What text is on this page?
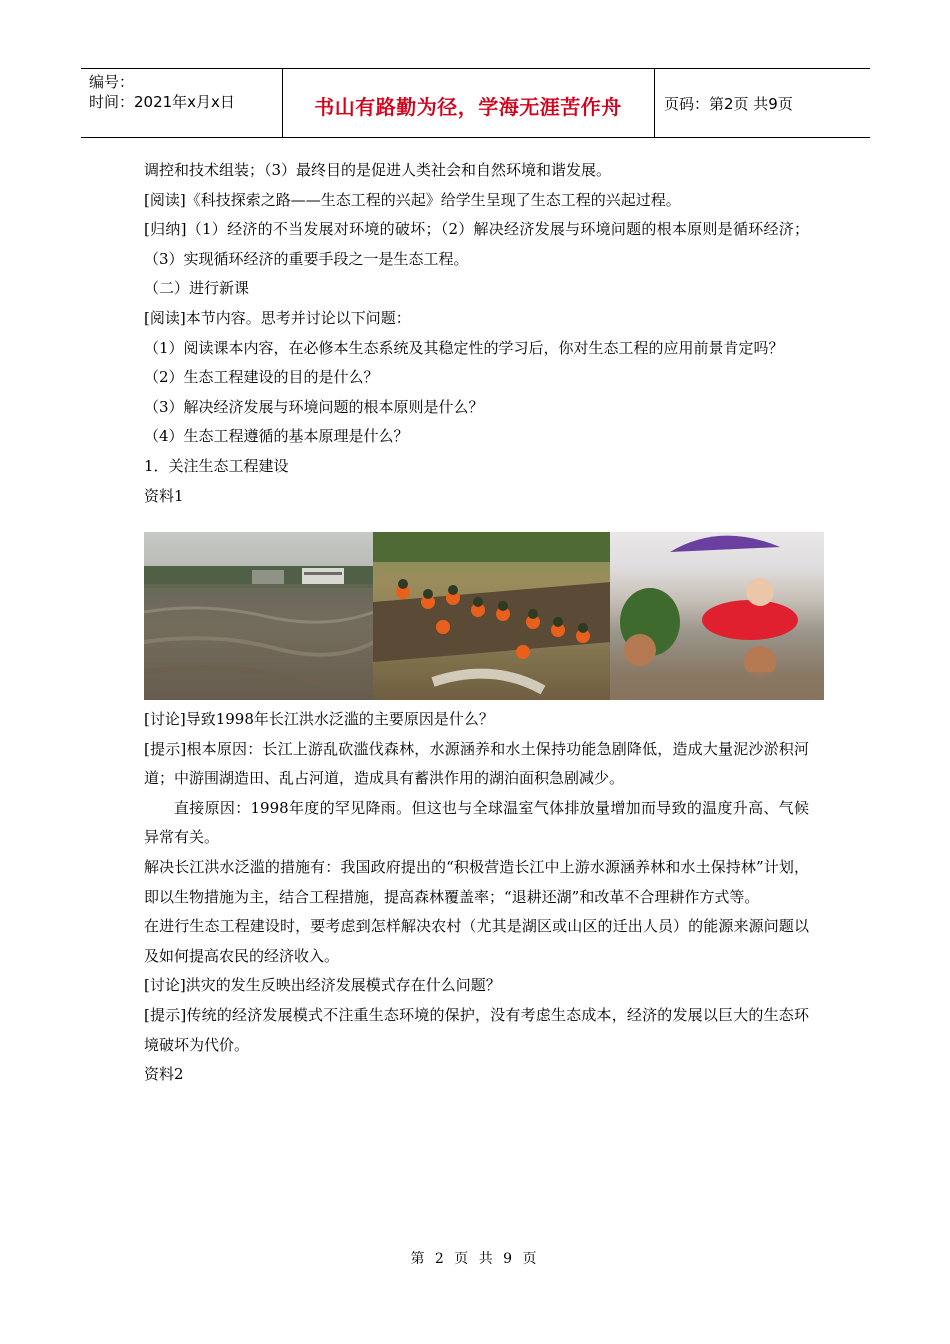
编号：
时间：2021年x月x日	书山有路勤为径，学海无涯苦作舟	页码：第2页 共9页

调控和技术组装；（3）最终目的是促进人类社会和自然环境和谐发展。

[阅读]《科技探索之路——生态工程的兴起》给学生呈现了生态工程的兴起过程。

[归纳]（1）经济的不当发展对环境的破坏；（2）解决经济发展与环境问题的根本原则是循环经济；（3）实现循环经济的重要手段之一是生态工程。

（二）进行新课

[阅读]本节内容。思考并讨论以下问题：

（1）阅读课本内容，在必修本生态系统及其稳定性的学习后，你对生态工程的应用前景肯定吗？

（2）生态工程建设的目的是什么？

（3）解决经济发展与环境问题的根本原则是什么？

（4）生态工程遵循的基本原理是什么？

1．关注生态工程建设

资料1

[讨论]导致1998年长江洪水泛滥的主要原因是什么？

[提示]根本原因：长江上游乱砍滥伐森林，水源涵养和水土保持功能急剧降低，造成大量泥沙淤积河道；中游围湖造田、乱占河道，造成具有蓄洪作用的湖泊面积急剧减少。

直接原因：1998年度的罕见降雨。但这也与全球温室气体排放量增加而导致的温度升高、气候异常有关。

解决长江洪水泛滥的措施有：我国政府提出的“积极营造长江中上游水源涵养林和水土保持林”计划，即以生物措施为主，结合工程措施，提高森林覆盖率；“退耕还湖”和改革不合理耕作方式等。

在进行生态工程建设时，要考虑到怎样解决农村（尤其是湖区或山区的迁出人员）的能源来源问题以及如何提高农民的经济收入。

[讨论]洪灾的发生反映出经济发展模式存在什么问题？

[提示]传统的经济发展模式不注重生态环境的保护，没有考虑生态成本，经济的发展以巨大的生态环境破坏为代价。

资料2

第 2 页 共 9 页
